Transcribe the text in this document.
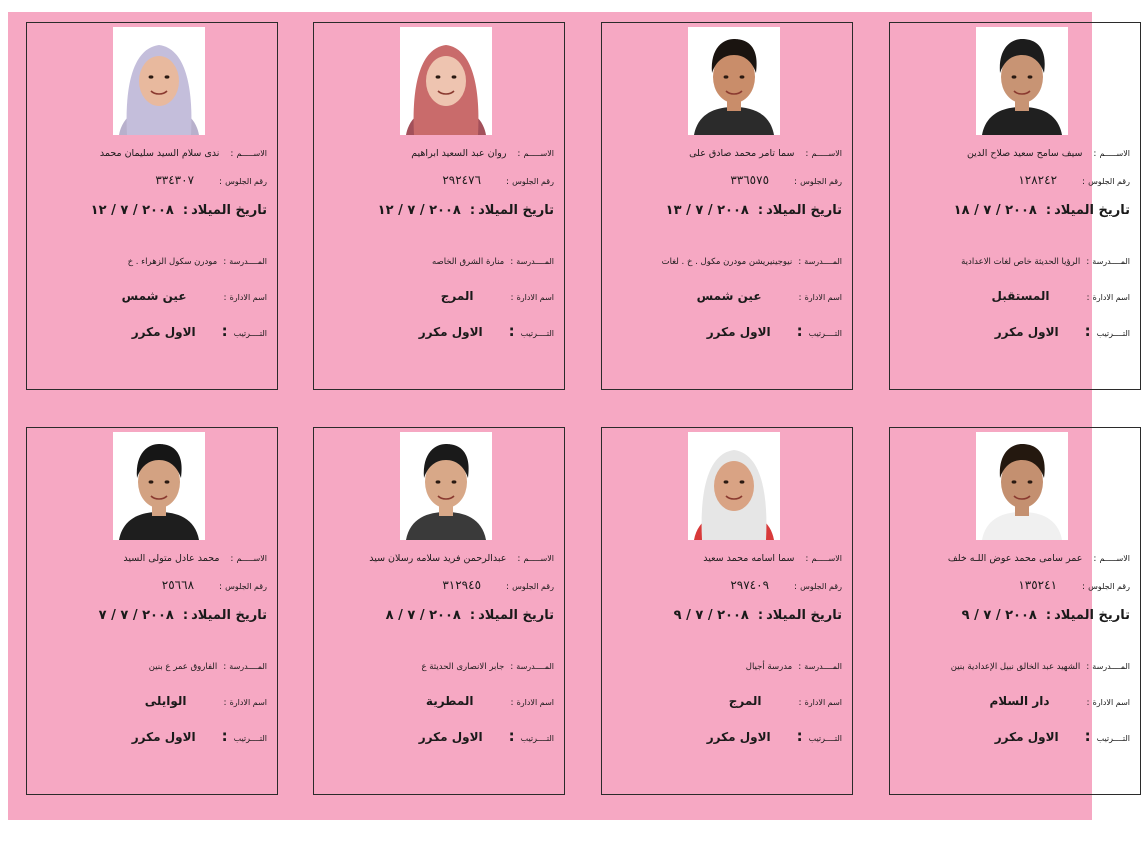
الاســـــم:سيف سامح سعيد صلاح الدين
رقم الجلوس:١٢٨٢٤٢
تاريخ الميلاد:٢٠٠٨ / ٧ / ١٨
المــــدرسة:الرؤيا الحديثة خاص لغات الاعدادية
اسم الادارة:المستقبل
التــــرتيب:الاول مكرر
الاســـــم:سما تامر محمد صادق على
رقم الجلوس:٣٣٦٥٧٥
تاريخ الميلاد:٢٠٠٨ / ٧ / ١٣
المــــدرسة:نيوجينيريشن مودرن مكول . خ . لغات
اسم الادارة:عين شمس
التــــرتيب:الاول مكرر
الاســـــم:روان عبد السعيد ابراهيم
رقم الجلوس:٢٩٢٤٧٦
تاريخ الميلاد:٢٠٠٨ / ٧ / ١٢
المــــدرسة:منارة الشرق الخاصه
اسم الادارة:المرج
التــــرتيب:الاول مكرر
الاســـــم:ندى سلام السيد سليمان محمد
رقم الجلوس:٣٣٤٣٠٧
تاريخ الميلاد:٢٠٠٨ / ٧ / ١٢
المــــدرسة:مودرن سكول الزهراء . خ
اسم الادارة:عين شمس
التــــرتيب:الاول مكرر
الاســـــم:عمر سامى محمد عوض اللـه خلف
رقم الجلوس:١٣٥٢٤١
تاريخ الميلاد:٢٠٠٨ / ٧ / ٩
المــــدرسة:الشهيد عبد الخالق نبيل الإعدادية بنين
اسم الادارة:دار السلام
التــــرتيب:الاول مكرر
الاســـــم:سما اسامه محمد سعيد
رقم الجلوس:٢٩٧٤٠٩
تاريخ الميلاد:٢٠٠٨ / ٧ / ٩
المــــدرسة:مدرسة أجيال
اسم الادارة:المرج
التــــرتيب:الاول مكرر
الاســـــم:عبدالرحمن فريد سلامه رسلان سيد
رقم الجلوس:٣١٢٩٤٥
تاريخ الميلاد:٢٠٠٨ / ٧ / ٨
المــــدرسة:جابر الانصارى الحديثة ع
اسم الادارة:المطرية
التــــرتيب:الاول مكرر
الاســـــم:محمد عادل متولى السيد
رقم الجلوس:٢٥٦٦٨
تاريخ الميلاد:٢٠٠٨ / ٧ / ٧
المــــدرسة:الفاروق عمر ع بنين
اسم الادارة:الوايلى
التــــرتيب:الاول مكرر
